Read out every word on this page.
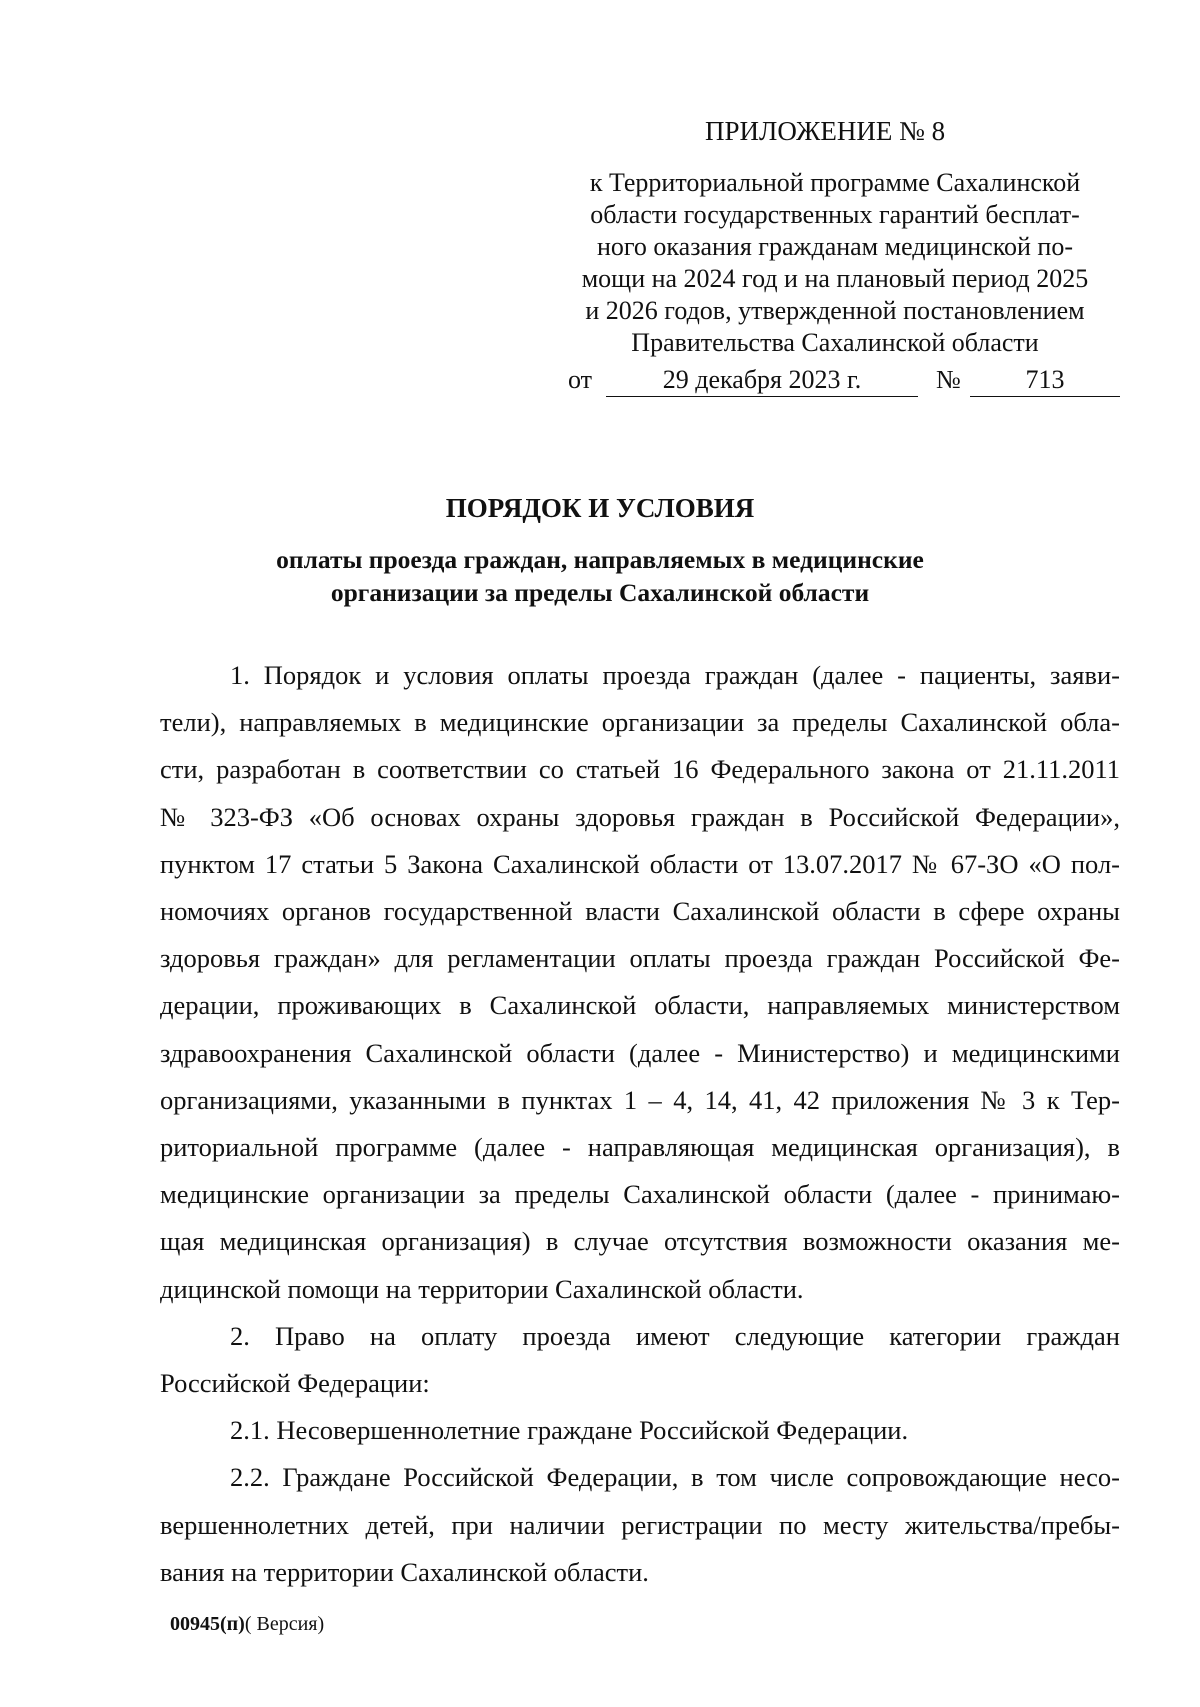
ПРИЛОЖЕНИЕ № 8
к Территориальной программе Сахалинской
области государственных гарантий бесплат-
ного оказания гражданам медицинской по-
мощи на 2024 год и на плановый период 2025
и 2026 годов, утвержденной постановлением
Правительства Сахалинской области
от	29 декабря 2023 г.	№	713
ПОРЯДОК И УСЛОВИЯ
оплаты проезда граждан, направляемых в медицинские
организации за пределы Сахалинской области
1. Порядок и условия оплаты проезда граждан (далее - пациенты, заяви-
тели), направляемых в медицинские организации за пределы Сахалинской обла-
сти, разработан в соответствии со статьей 16 Федерального закона от 21.11.2011
№ 323-ФЗ «Об основах охраны здоровья граждан в Российской Федерации»,
пунктом 17 статьи 5 Закона Сахалинской области от 13.07.2017 № 67-ЗО «О пол-
номочиях органов государственной власти Сахалинской области в сфере охраны
здоровья граждан» для регламентации оплаты проезда граждан Российской Фе-
дерации, проживающих в Сахалинской области, направляемых министерством
здравоохранения Сахалинской области (далее - Министерство) и медицинскими
организациями, указанными в пунктах 1 – 4, 14, 41, 42 приложения № 3 к Тер-
риториальной программе (далее - направляющая медицинская организация), в
медицинские организации за пределы Сахалинской области (далее - принимаю-
щая медицинская организация) в случае отсутствия возможности оказания ме-
дицинской помощи на территории Сахалинской области.
2. Право на оплату проезда имеют следующие категории граждан
Российской Федерации:
2.1. Несовершеннолетние граждане Российской Федерации.
2.2. Граждане Российской Федерации, в том числе сопровождающие несо-
вершеннолетних детей, при наличии регистрации по месту жительства/пребы-
вания на территории Сахалинской области.
00945(п)( Версия)
